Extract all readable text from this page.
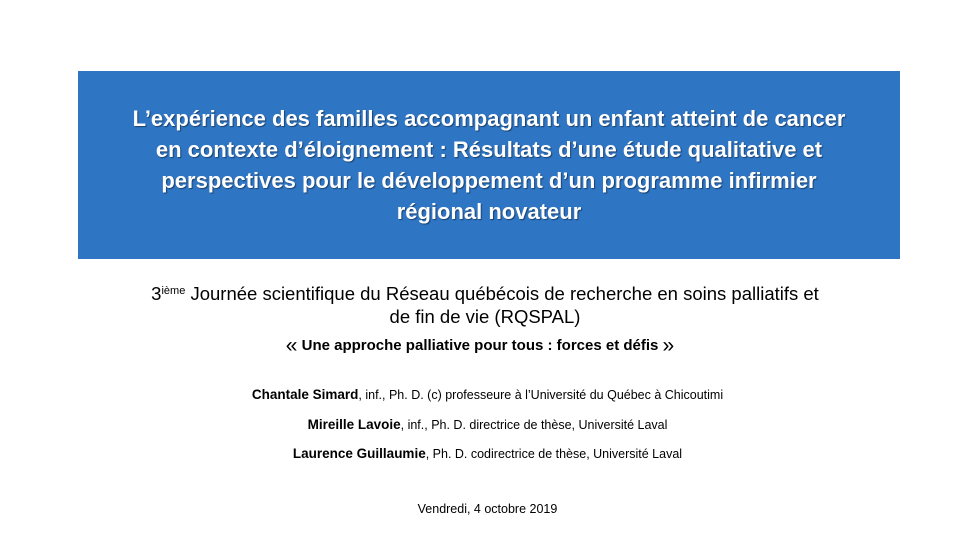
L’expérience des familles accompagnant un enfant atteint de cancer
en contexte d’éloignement : Résultats d’une étude qualitative et
perspectives pour le développement d’un programme infirmier
régional novateur

3ième Journée scientifique du Réseau québécois de recherche en soins palliatifs et
de fin de vie (RQSPAL)

« Une approche palliative pour tous : forces et défis »

Chantale Simard, inf., Ph. D. (c) professeure à l’Université du Québec à Chicoutimi

Mireille Lavoie, inf., Ph. D. directrice de thèse, Université Laval

Laurence Guillaumie, Ph. D. codirectrice de thèse, Université Laval

Vendredi, 4 octobre 2019
